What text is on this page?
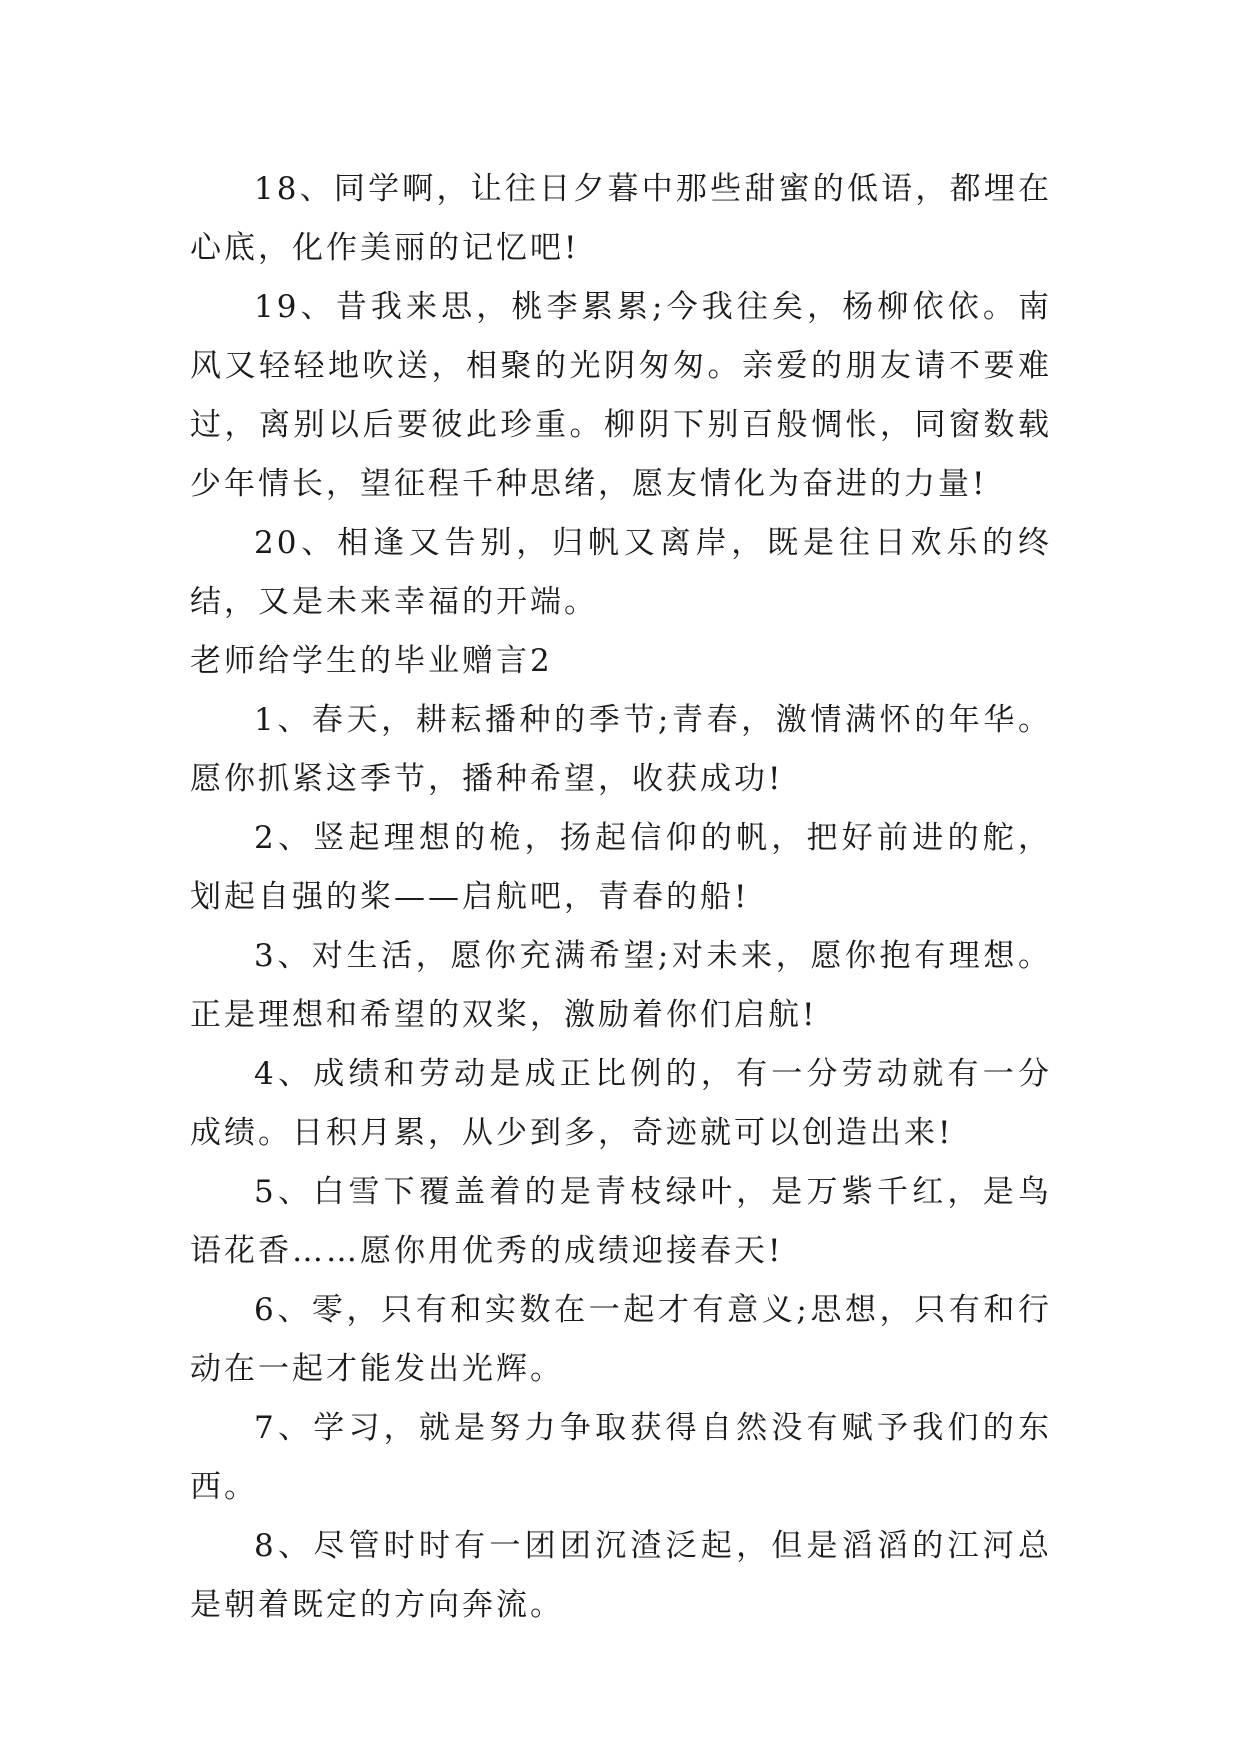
18、同学啊，让往日夕暮中那些甜蜜的低语，都埋在心底，化作美丽的记忆吧!

19、昔我来思，桃李累累;今我往矣，杨柳依依。南风又轻轻地吹送，相聚的光阴匆匆。亲爱的朋友请不要难过，离别以后要彼此珍重。柳阴下别百般惆怅，同窗数载少年情长，望征程千种思绪，愿友情化为奋进的力量!

20、相逢又告别，归帆又离岸，既是往日欢乐的终结，又是未来幸福的开端。

老师给学生的毕业赠言2

1、春天，耕耘播种的季节;青春，激情满怀的年华。愿你抓紧这季节，播种希望，收获成功!

2、竖起理想的桅，扬起信仰的帆，把好前进的舵，划起自强的桨——启航吧，青春的船!

3、对生活，愿你充满希望;对未来，愿你抱有理想。正是理想和希望的双桨，激励着你们启航!

4、成绩和劳动是成正比例的，有一分劳动就有一分成绩。日积月累，从少到多，奇迹就可以创造出来!

5、白雪下覆盖着的是青枝绿叶，是万紫千红，是鸟语花香……愿你用优秀的成绩迎接春天!

6、零，只有和实数在一起才有意义;思想，只有和行动在一起才能发出光辉。

7、学习，就是努力争取获得自然没有赋予我们的东西。

8、尽管时时有一团团沉渣泛起，但是滔滔的江河总是朝着既定的方向奔流。
